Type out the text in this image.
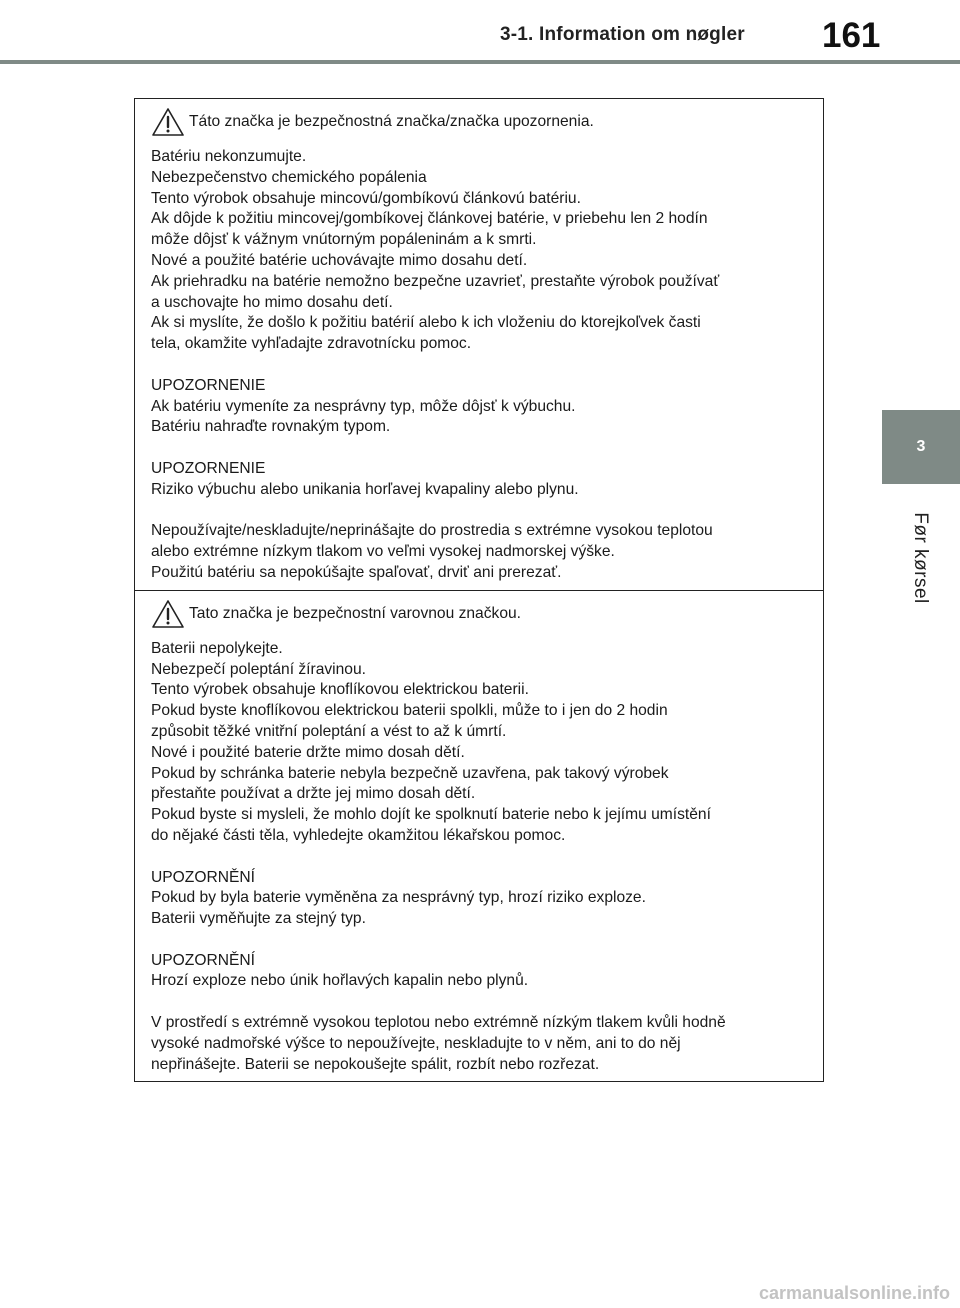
3-1. Information om nøgler	161
3
Før kørsel
Táto značka je bezpečnostná značka/značka upozornenia.
Batériu nekonzumujte.
Nebezpečenstvo chemického popálenia
Tento výrobok obsahuje mincovú/gombíkovú článkovú batériu.
Ak dôjde k požitiu mincovej/gombíkovej článkovej batérie, v priebehu len 2 hodín
môže dôjsť k vážnym vnútorným popáleninám a k smrti.
Nové a použité batérie uchovávajte mimo dosahu detí.
Ak priehradku na batérie nemožno bezpečne uzavrieť, prestaňte výrobok používať
a uschovajte ho mimo dosahu detí.
Ak si myslíte, že došlo k požitiu batérií alebo k ich vloženiu do ktorejkoľvek časti
tela, okamžite vyhľadajte zdravotnícku pomoc.
UPOZORNENIE
Ak batériu vymeníte za nesprávny typ, môže dôjsť k výbuchu.
Batériu nahraďte rovnakým typom.
UPOZORNENIE
Riziko výbuchu alebo unikania horľavej kvapaliny alebo plynu.
Nepoužívajte/neskladujte/neprinášajte do prostredia s extrémne vysokou teplotou
alebo extrémne nízkym tlakom vo veľmi vysokej nadmorskej výške.
Použitú batériu sa nepokúšajte spaľovať, drviť ani prerezať.
Tato značka je bezpečnostní varovnou značkou.
Baterii nepolykejte.
Nebezpečí poleptání žíravinou.
Tento výrobek obsahuje knoflíkovou elektrickou baterii.
Pokud byste knoflíkovou elektrickou baterii spolkli, může to i jen do 2 hodin
způsobit těžké vnitřní poleptání a vést to až k úmrtí.
Nové i použité baterie držte mimo dosah dětí.
Pokud by schránka baterie nebyla bezpečně uzavřena, pak takový výrobek
přestaňte používat a držte jej mimo dosah dětí.
Pokud byste si mysleli, že mohlo dojít ke spolknutí baterie nebo k jejímu umístění
do nějaké části těla, vyhledejte okamžitou lékařskou pomoc.
UPOZORNĚNÍ
Pokud by byla baterie vyměněna za nesprávný typ, hrozí riziko exploze.
Baterii vyměňujte za stejný typ.
UPOZORNĚNÍ
Hrozí exploze nebo únik hořlavých kapalin nebo plynů.
V prostředí s extrémně vysokou teplotou nebo extrémně nízkým tlakem kvůli hodně
vysoké nadmořské výšce to nepoužívejte, neskladujte to v něm, ani to do něj
nepřinášejte. Baterii se nepokoušejte spálit, rozbít nebo rozřezat.
carmanualsonline.info
